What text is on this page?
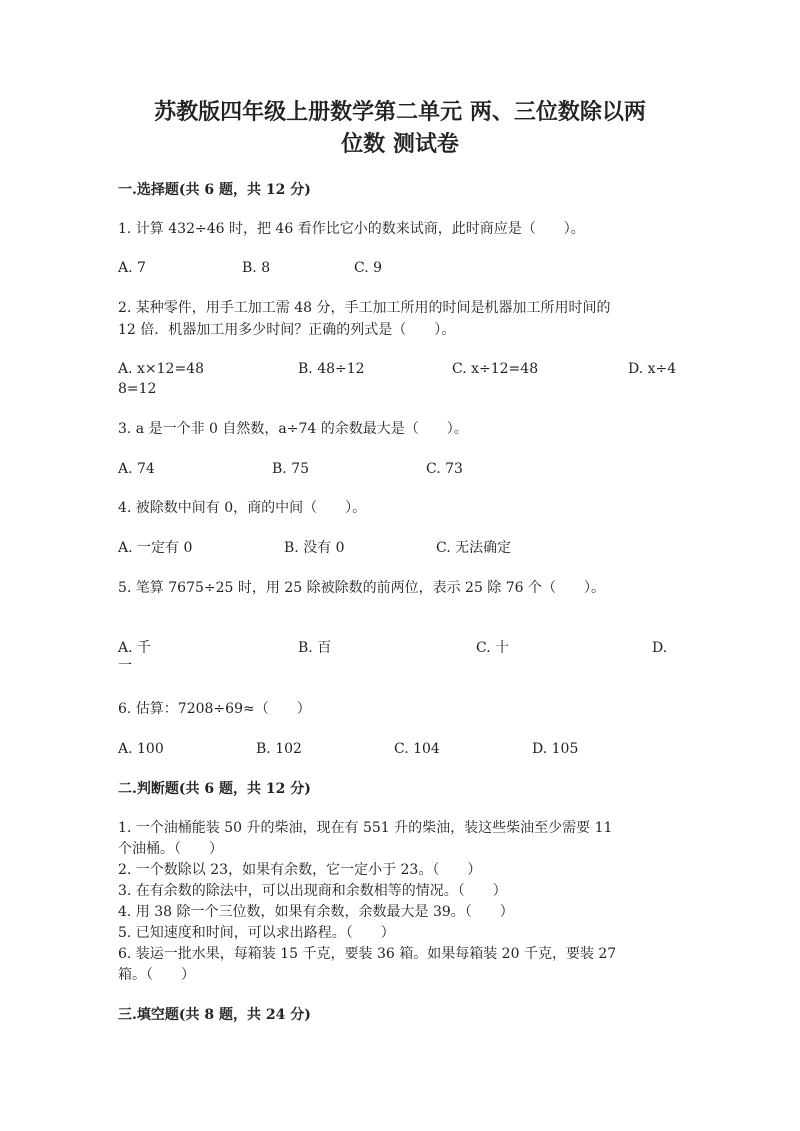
苏教版四年级上册数学第二单元 两、三位数除以两
位数 测试卷
一.选择题(共 6 题，共 12 分)
1. 计算 432÷46 时，把 46 看作比它小的数来试商，此时商应是（　　）。
A. 7	B. 8	C. 9
2. 某种零件，用手工加工需 48 分，手工加工所用的时间是机器加工所用时间的
12 倍．机器加工用多少时间？正确的列式是（　　）。
A. x×12=48	B. 48÷12	C. x÷12=48	D. x÷4
8=12
3. a 是一个非 0 自然数，a÷74 的余数最大是（　　）。
A. 74	B. 75	C. 73
4. 被除数中间有 0，商的中间（　　）。
A. 一定有 0	B. 没有 0	C. 无法确定
5. 笔算 7675÷25 时，用 25 除被除数的前两位，表示 25 除 76 个（　　）。
A. 千	B. 百	C. 十	D.
一
6. 估算：7208÷69≈（　　）
A. 100	B. 102	C. 104	D. 105
二.判断题(共 6 题，共 12 分)
1. 一个油桶能装 50 升的柴油，现在有 551 升的柴油，装这些柴油至少需要 11
个油桶。（　　）
2. 一个数除以 23，如果有余数，它一定小于 23。（　　）
3. 在有余数的除法中，可以出现商和余数相等的情况。（　　）
4. 用 38 除一个三位数，如果有余数，余数最大是 39。（　　）
5. 已知速度和时间，可以求出路程。（　　）
6. 装运一批水果，每箱装 15 千克，要装 36 箱。如果每箱装 20 千克，要装 27
箱。（　　）
三.填空题(共 8 题，共 24 分)
